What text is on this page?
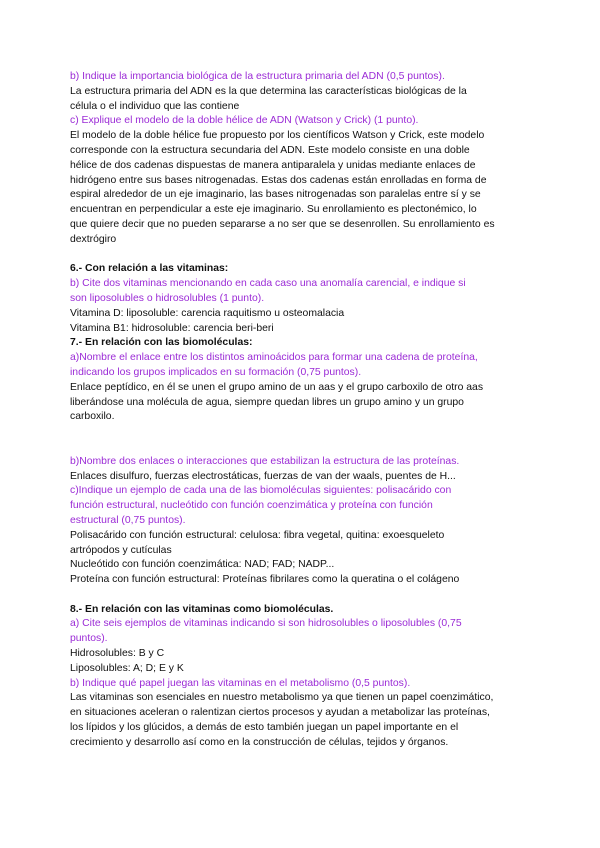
b) Indique la importancia biológica de la estructura primaria del ADN (0,5 puntos).
La estructura primaria del ADN es la que determina las características biológicas de la
célula o el individuo que las contiene
c) Explique el modelo de la doble hélice de ADN (Watson y Crick) (1 punto).
El modelo de la doble hélice fue propuesto por los científicos Watson y Crick, este modelo
corresponde con la estructura secundaria del ADN. Este modelo consiste en una doble
hélice de dos cadenas dispuestas de manera antiparalela y unidas mediante enlaces de
hidrógeno entre sus bases nitrogenadas. Estas dos cadenas están enrolladas en forma de
espiral alrededor de un eje imaginario, las bases nitrogenadas son paralelas entre sí y se
encuentran en perpendicular a este eje imaginario. Su enrollamiento es plectonémico, lo
que quiere decir que no pueden separarse a no ser que se desenrollen. Su enrollamiento es
dextrógiro
6.- Con relación a las vitaminas:
b) Cite dos vitaminas mencionando en cada caso una anomalía carencial, e indique si
son liposolubles o hidrosolubles (1 punto).
Vitamina D: liposoluble: carencia raquitismo u osteomalacia
Vitamina B1: hidrosoluble: carencia beri-beri
7.- En relación con las biomoléculas:
a)Nombre el enlace entre los distintos aminoácidos para formar una cadena de proteína,
indicando los grupos implicados en su formación (0,75 puntos).
Enlace peptídico, en él se unen el grupo amino de un aas y el grupo carboxilo de otro aas
liberándose una molécula de agua, siempre quedan libres un grupo amino y un grupo
carboxilo.
b)Nombre dos enlaces o interacciones que estabilizan la estructura de las proteínas.
Enlaces disulfuro, fuerzas electrostáticas, fuerzas de van der waals, puentes de H...
c)Indique un ejemplo de cada una de las biomoléculas siguientes: polisacárido con
función estructural, nucleótido con función coenzimática y proteína con función
estructural (0,75 puntos).
Polisacárido con función estructural: celulosa: fibra vegetal, quitina: exoesqueleto
artrópodos y cutículas
Nucleótido con función coenzimática: NAD; FAD; NADP...
Proteína con función estructural: Proteínas fibrilares como la queratina o el colágeno
8.- En relación con las vitaminas como biomoléculas.
a) Cite seis ejemplos de vitaminas indicando si son hidrosolubles o liposolubles (0,75
puntos).
Hidrosolubles: B y C
Liposolubles: A; D; E y K
b) Indique qué papel juegan las vitaminas en el metabolismo (0,5 puntos).
Las vitaminas son esenciales en nuestro metabolismo ya que tienen un papel coenzimático,
en situaciones aceleran o ralentizan ciertos procesos y ayudan a metabolizar las proteínas,
los lípidos y los glúcidos, a demás de esto también juegan un papel importante en el
crecimiento y desarrollo así como en la construcción de células, tejidos y órganos.
